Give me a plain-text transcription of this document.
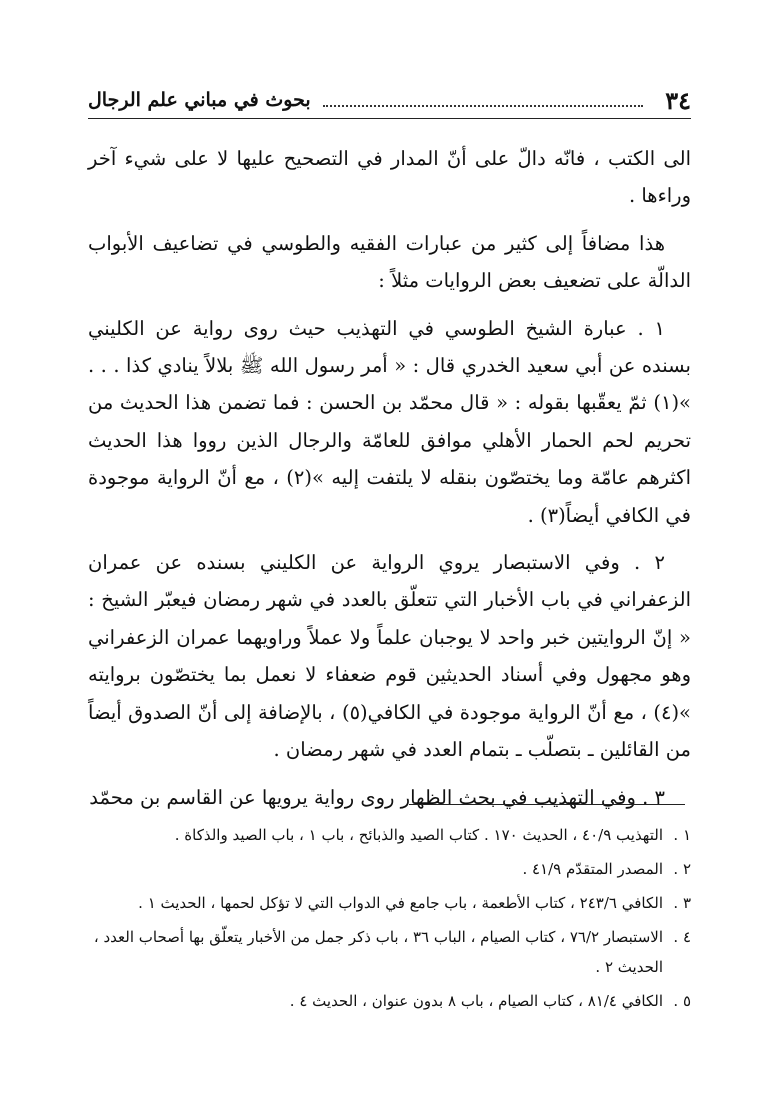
٣٤
بحوث في مباني علم الرجال

الى الكتب ، فانّه دالّ على أنّ المدار في التصحيح عليها لا على شيء آخر وراءها .

هذا مضافاً إلى كثير من عبارات الفقيه والطوسي في تضاعيف الأبواب الدالّة على تضعيف بعض الروايات مثلاً :

١ . عبارة الشيخ الطوسي في التهذيب حيث روى رواية عن الكليني بسنده عن أبي سعيد الخدري قال : « أمر رسول الله ﷺ بلالاً ينادي كذا . . . »(١) ثمّ يعقّبها بقوله : « قال محمّد بن الحسن : فما تضمن هذا الحديث من تحريم لحم الحمار الأهلي موافق للعامّة والرجال الذين رووا هذا الحديث اكثرهم عامّة وما يختصّون بنقله لا يلتفت إليه »(٢) ، مع أنّ الرواية موجودة في الكافي أيضاً(٣) .

٢ . وفي الاستبصار يروي الرواية عن الكليني بسنده عن عمران الزعفراني في باب الأخبار التي تتعلّق بالعدد في شهر رمضان فيعبّر الشيخ : « إنّ الروايتين خبر واحد لا يوجبان علماً ولا عملاً وراويهما عمران الزعفراني وهو مجهول وفي أسناد الحديثين قوم ضعفاء لا نعمل بما يختصّون بروايته »(٤) ، مع أنّ الرواية موجودة في الكافي(٥) ، بالإضافة إلى أنّ الصدوق أيضاً من القائلين ـ بتصلّب ـ بتمام العدد في شهر رمضان .

٣ . وفي التهذيب في بحث الظهار روى رواية يرويها عن القاسم بن محمّد

١ .
التهذيب ٤٠/٩ ، الحديث ١٧٠ . كتاب الصيد والذبائح ، باب ١ ، باب الصيد والذكاة .
٢ .
المصدر المتقدّم ٤١/٩ .
٣ .
الكافي ٢٤٣/٦ ، كتاب الأطعمة ، باب جامع في الدواب التي لا تؤكل لحمها ، الحديث ١ .
٤ .
الاستبصار ٧٦/٢ ، كتاب الصيام ، الباب ٣٦ ، باب ذكر جمل من الأخبار يتعلّق بها أصحاب العدد ، الحديث ٢ .
٥ .
الكافي ٨١/٤ ، كتاب الصيام ، باب ٨ بدون عنوان ، الحديث ٤ .
